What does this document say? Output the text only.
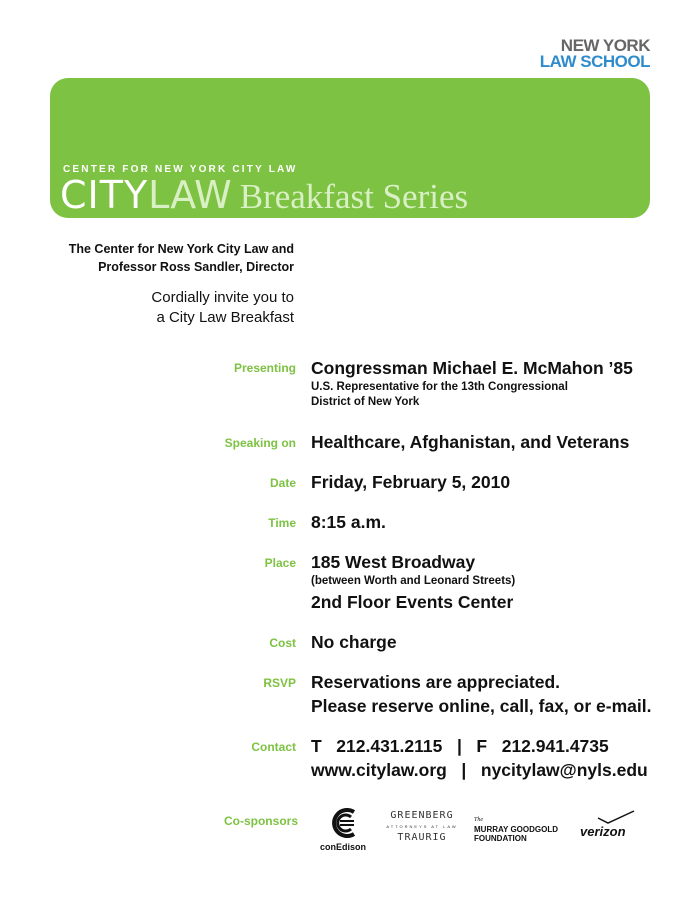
NEW YORK
LAW SCHOOL
CENTER FOR NEW YORK CITY LAW
CITYLAW Breakfast Series
The Center for New York City Law and
Professor Ross Sandler, Director
Cordially invite you to
a City Law Breakfast
Presenting Congressman Michael E. McMahon ’85
U.S. Representative for the 13th Congressional
District of New York
Speaking on Healthcare, Afghanistan, and Veterans
Date Friday, February 5, 2010
Time 8:15 a.m.
Place 185 West Broadway
(between Worth and Leonard Streets)
2nd Floor Events Center
Cost No charge
RSVP Reservations are appreciated.
Please reserve online, call, fax, or e-mail.
Contact T   212.431.2115   |   F   212.941.4735
www.citylaw.org   |   nycitylaw@nyls.edu
Co-sponsors
conEdison
GREENBERG
ATTORNEYS AT LAW
TRAURIG
The
MURRAY GOODGOLD
FOUNDATION	verizon
